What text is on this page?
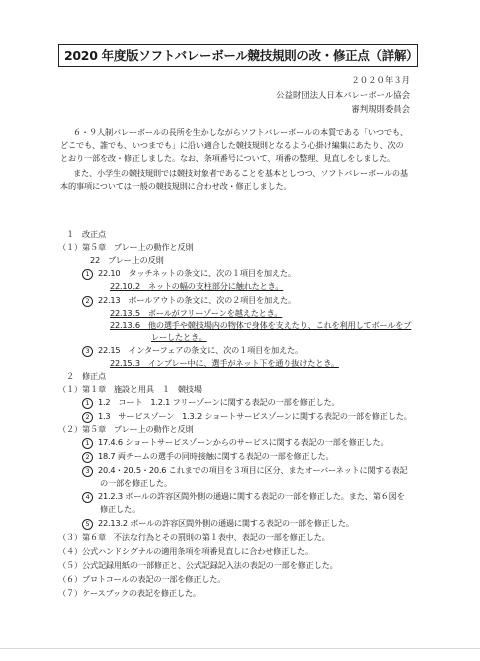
2020 年度版ソフトバレーボール競技規則の改・修正点（詳解）
２０２０年３月
公益財団法人日本バレーボール協会
審判規則委員会
６・９人制バレーボールの長所を生かしながらソフトバレーボールの本質である「いつでも、
どこでも、誰でも、いつまでも」に沿い適合した競技規則となるよう心掛け編集にあたり、次の
とおり一部を改・修正しました。なお、条項番号について、項番の整理、見直しをしました。
また、小学生の競技規則では競技対象者であることを基本としつつ、ソフトバレーボールの基
本的事項については一般の競技規則に合わせ改・修正しました。
１　改正点
（１）第５章　プレー上の動作と反則
22　プレー上の反則
1 22.10　タッチネットの条文に、次の１項目を加えた。
22.10.2　ネットの幅の支柱部分に触れたとき。
2 22.13　ボールアウトの条文に、次の２項目を加えた。
22.13.5　ボールがフリーゾーンを越えたとき。
22.13.6　他の選手や競技場内の物体で身体を支えたり、これを利用してボールをプ
レーしたとき。
3 22.15　インターフェアの条文に、次の１項目を加えた。
22.15.3　インプレー中に、選手がネット下を通り抜けたとき。
２　修正点
（１）第１章　施設と用具　１　競技場
1 1.2　コート　1.2.1 フリーゾーンに関する表記の一部を修正した。
2 1.3　サービスゾーン　1.3.2 ショートサービスゾーンに関する表記の一部を修正した。
（２）第５章　プレー上の動作と反則
1 17.4.6 ショートサービスゾーンからのサービスに関する表記の一部を修正した。
2 18.7 両チームの選手の同時接触に関する表記の一部を修正した。
3 20.4・20.5・20.6 これまでの項目を３項目に区分、またオーバーネットに関する表記
の一部を修正した。
4 21.2.3 ボールの許容区間外側の通過に関する表記の一部を修正した。また、第６図を
修正した。
5 22.13.2 ボールの許容区間外側の通過に関する表記の一部を修正した。
（３）第６章　不法な行為とその罰則の第１表中、表記の一部を修正した。
（４）公式ハンドシグナルの適用条項を項番見直しに合わせ修正した。
（５）公式記録用紙の一部修正と、公式記録記入法の表記の一部を修正した。
（６）プロトコールの表記の一部を修正した。
（７）ケースブックの表記を修正した。
